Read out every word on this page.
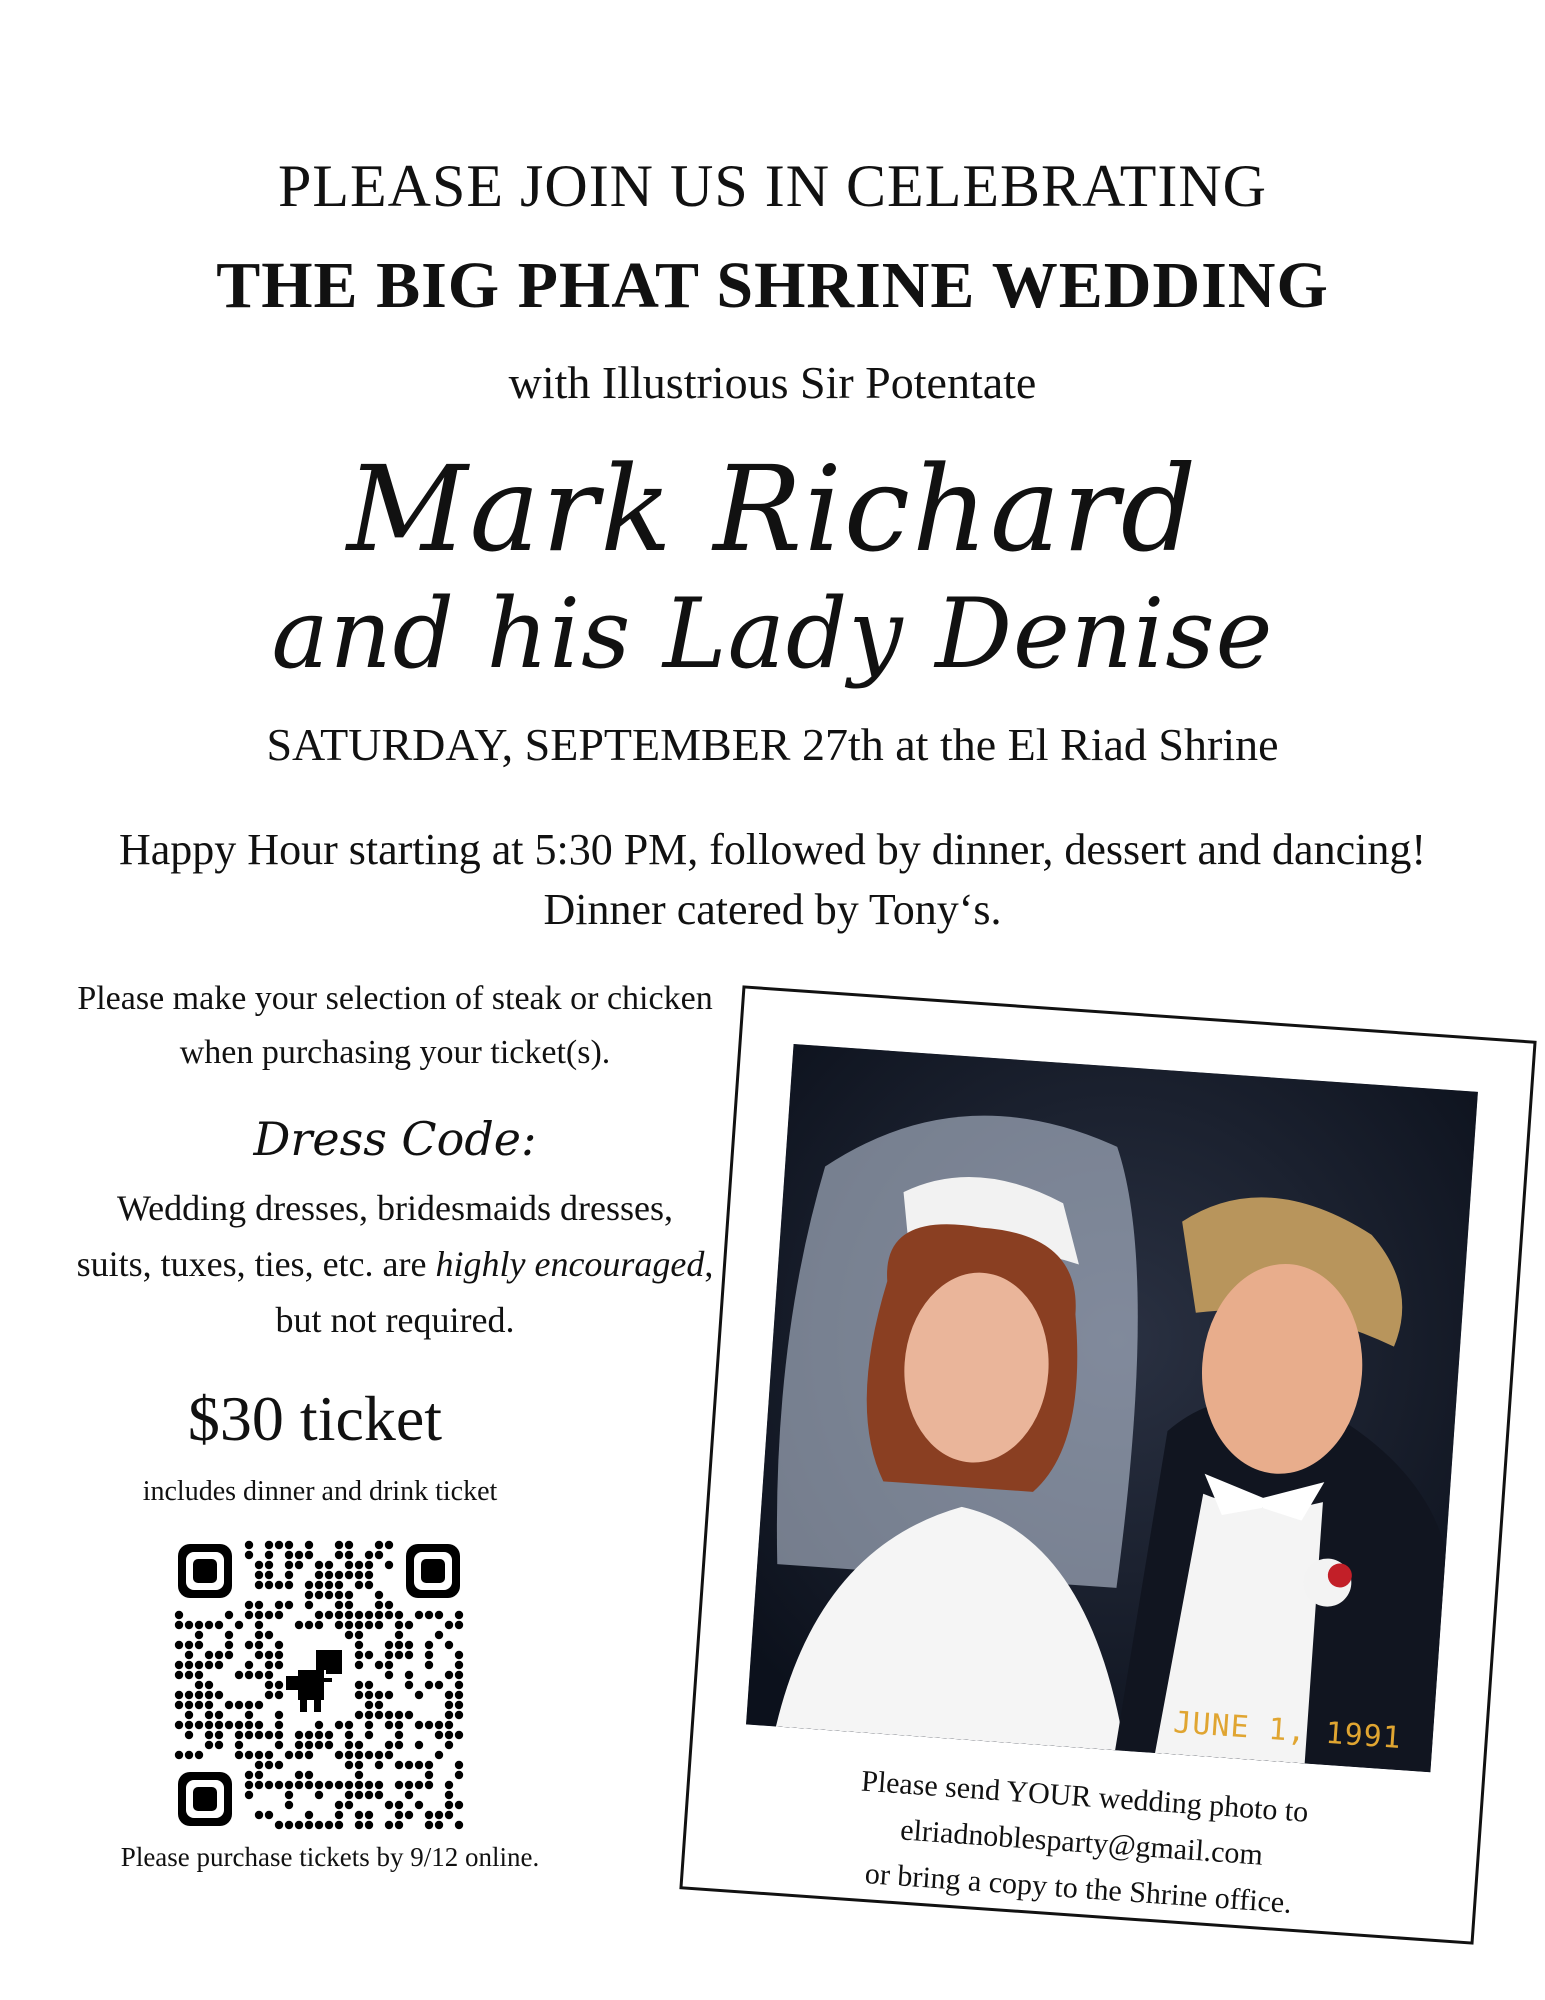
PLEASE JOIN US IN CELEBRATING
THE BIG PHAT SHRINE WEDDING
with Illustrious Sir Potentate
Mark Richard
and his Lady Denise
SATURDAY, SEPTEMBER 27th at the El Riad Shrine
Happy Hour starting at 5:30 PM, followed by dinner, dessert and dancing!
Dinner catered by Tony‘s.
Please make your selection of steak or chicken
when purchasing your ticket(s).
Dress Code:
Wedding dresses, bridesmaids dresses,
suits, tuxes, ties, etc. are highly encouraged,
but not required.
$30 ticket
includes dinner and drink ticket
Please purchase tickets by 9/12 online.
JUNE 1, 1991
Please send YOUR wedding photo to
elriadnoblesparty@gmail.com
or bring a copy to the Shrine office.
